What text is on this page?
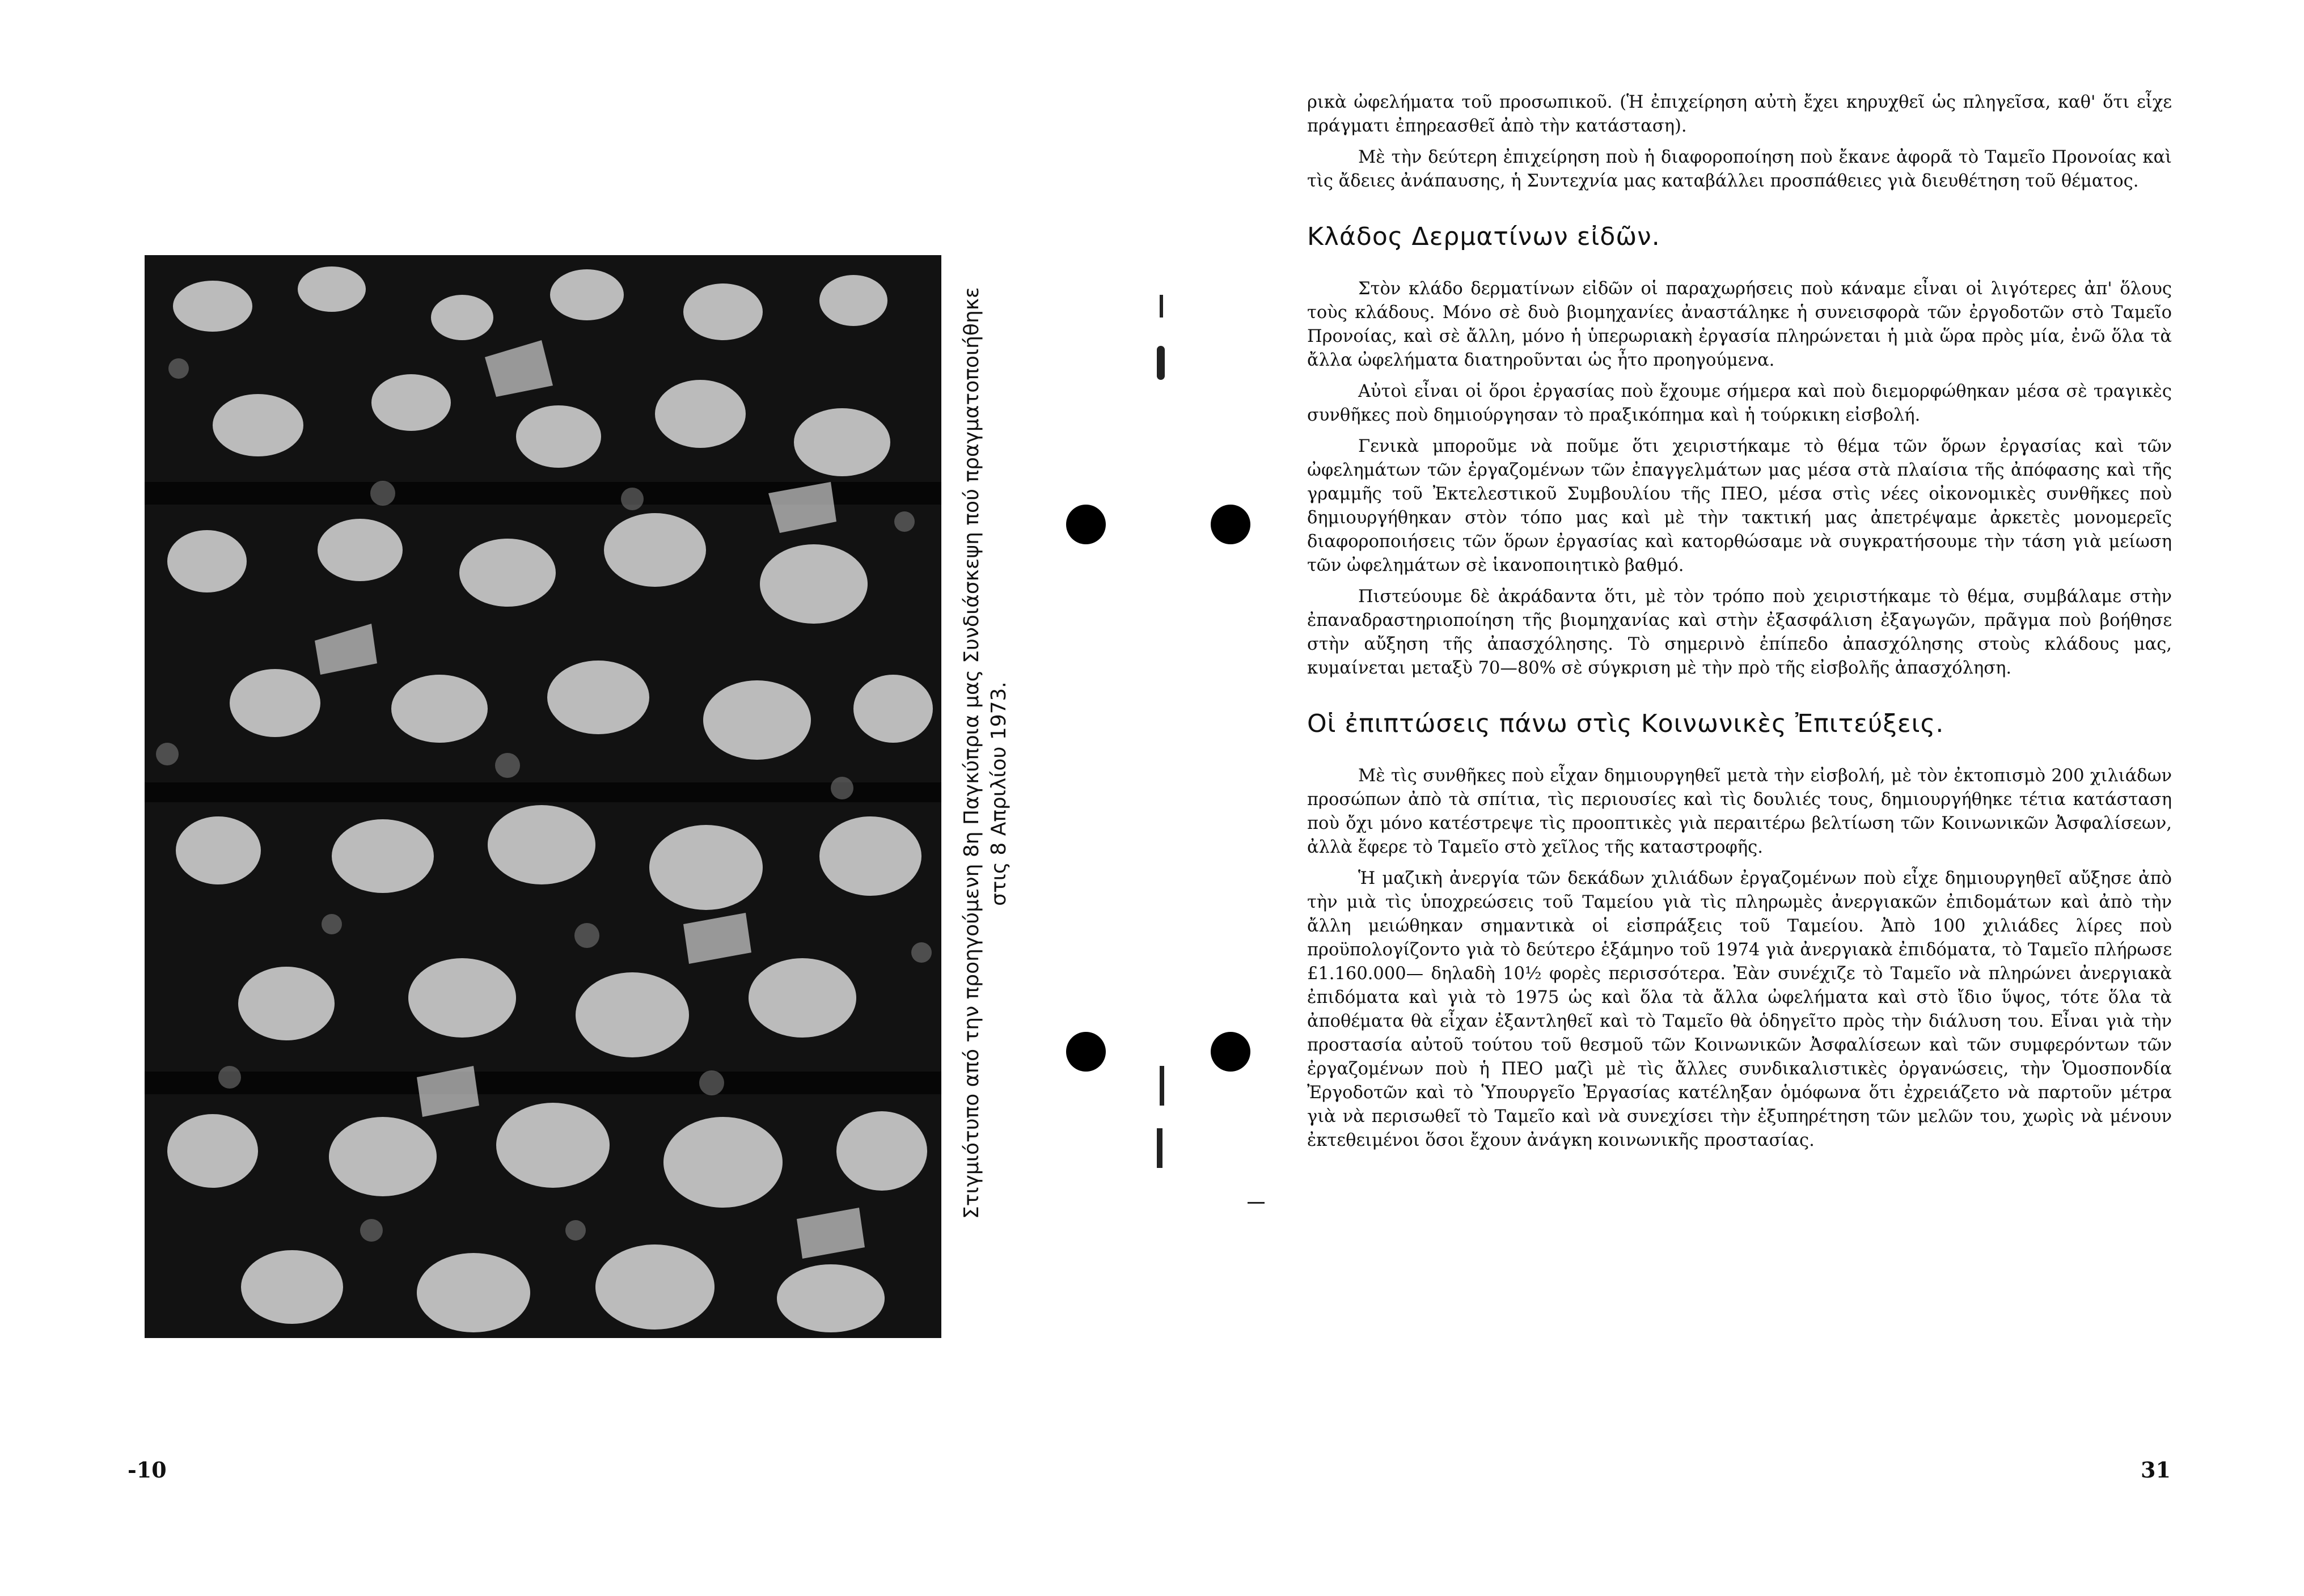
Στιγμιότυπο από την προηγούμενη 8η Παγκύπρια μας Συνδιάσκεψη πού πραγματοποιήθηκε στις 8 Απριλίου 1973.
‑10

ρικὰ ὠφελήματα τοῦ προσωπικοῦ. (Ἡ ἐπιχείρηση αὐτὴ ἔχει κηρυχθεῖ ὡς πληγεῖσα, καθ' ὅτι εἶχε πράγματι ἐπηρεασθεῖ ἀπὸ τὴν κατάσταση).

Μὲ τὴν δεύτερη ἐπιχείρηση ποὺ ἡ διαφοροποίηση ποὺ ἔκανε ἀφορᾶ τὸ Ταμεῖο Προνοίας καὶ τὶς ἄδειες ἀνάπαυσης, ἡ Συντεχνία μας καταβάλλει προσπάθειες γιὰ διευθέτηση τοῦ θέματος.

Κλάδος Δερματίνων εἰδῶν.

Στὸν κλάδο δερματίνων εἰδῶν οἱ παραχωρήσεις ποὺ κάναμε εἶναι οἱ λιγότερες ἀπ' ὅλους τοὺς κλάδους. Μόνο σὲ δυὸ βιομηχανίες ἀναστάληκε ἡ συνεισφορὰ τῶν ἐργοδοτῶν στὸ Ταμεῖο Προνοίας, καὶ σὲ ἄλλη, μόνο ἡ ὑπερωριακὴ ἐργασία πληρώνεται ἡ μιὰ ὥρα πρὸς μία, ἐνῶ ὅλα τὰ ἄλλα ὠφελήματα διατηροῦνται ὡς ἦτο προηγούμενα.

Αὐτοὶ εἶναι οἱ ὅροι ἐργασίας ποὺ ἔχουμε σήμερα καὶ ποὺ διεμορφώθηκαν μέσα σὲ τραγικὲς συνθῆκες ποὺ δημιούργησαν τὸ πραξικόπημα καὶ ἡ τούρκικη εἰσβολή.

Γενικὰ μποροῦμε νὰ ποῦμε ὅτι χειριστήκαμε τὸ θέμα τῶν ὅρων ἐργασίας καὶ τῶν ὠφελημάτων τῶν ἐργαζομένων τῶν ἐπαγγελμάτων μας μέσα στὰ πλαίσια τῆς ἀπόφασης καὶ τῆς γραμμῆς τοῦ Ἐκτελεστικοῦ Συμβουλίου τῆς ΠΕΟ, μέσα στὶς νέες οἰκονομικὲς συνθῆκες ποὺ δημιουργήθηκαν στὸν τόπο μας καὶ μὲ τὴν τακτική μας ἀπετρέψαμε ἀρκετὲς μονομερεῖς διαφοροποιήσεις τῶν ὅρων ἐργασίας καὶ κατορθώσαμε νὰ συγκρατήσουμε τὴν τάση γιὰ μείωση τῶν ὠφελημάτων σὲ ἱκανοποιητικὸ βαθμό.

Πιστεύουμε δὲ ἀκράδαντα ὅτι, μὲ τὸν τρόπο ποὺ χειριστήκαμε τὸ θέμα, συμβάλαμε στὴν ἐπαναδραστηριοποίηση τῆς βιομηχανίας καὶ στὴν ἐξασφάλιση ἐξαγωγῶν, πρᾶγμα ποὺ βοήθησε στὴν αὔξηση τῆς ἀπασχόλησης. Τὸ σημερινὸ ἐπίπεδο ἀπασχόλησης στοὺς κλάδους μας, κυμαίνεται μεταξὺ 70—80% σὲ σύγκριση μὲ τὴν πρὸ τῆς εἰσβολῆς ἀπασχόληση.

Οἱ ἐπιπτώσεις πάνω στὶς Κοινωνικὲς Ἐπιτεύξεις.

Μὲ τὶς συνθῆκες ποὺ εἶχαν δημιουργηθεῖ μετὰ τὴν εἰσβολή, μὲ τὸν ἐκτοπισμὸ 200 χιλιάδων προσώπων ἀπὸ τὰ σπίτια, τὶς περιουσίες καὶ τὶς δουλιές τους, δημιουργήθηκε τέτια κατάσταση ποὺ ὄχι μόνο κατέστρεψε τὶς προοπτικὲς γιὰ περαιτέρω βελτίωση τῶν Κοινωνικῶν Ἀσφαλίσεων, ἀλλὰ ἔφερε τὸ Ταμεῖο στὸ χεῖλος τῆς καταστροφῆς.

Ἡ μαζικὴ ἀνεργία τῶν δεκάδων χιλιάδων ἐργαζομένων ποὺ εἶχε δημιουργηθεῖ αὔξησε ἀπὸ τὴν μιὰ τὶς ὑποχρεώσεις τοῦ Ταμείου γιὰ τὶς πληρωμὲς ἀνεργιακῶν ἐπιδομάτων καὶ ἀπὸ τὴν ἄλλη μειώθηκαν σημαντικὰ οἱ εἰσπράξεις τοῦ Ταμείου. Ἀπὸ 100 χιλιάδες λίρες ποὺ προϋπολογίζοντο γιὰ τὸ δεύτερο ἑξάμηνο τοῦ 1974 γιὰ ἀνεργιακὰ ἐπιδόματα, τὸ Ταμεῖο πλήρωσε £1.160.000— δηλαδὴ 10½ φορὲς περισσότερα. Ἐὰν συνέχιζε τὸ Ταμεῖο νὰ πληρώνει ἀνεργιακὰ ἐπιδόματα καὶ γιὰ τὸ 1975 ὡς καὶ ὅλα τὰ ἄλλα ὠφελήματα καὶ στὸ ἴδιο ὕψος, τότε ὅλα τὰ ἀποθέματα θὰ εἶχαν ἐξαντληθεῖ καὶ τὸ Ταμεῖο θὰ ὁδηγεῖτο πρὸς τὴν διάλυση του. Εἶναι γιὰ τὴν προστασία αὐτοῦ τούτου τοῦ θεσμοῦ τῶν Κοινωνικῶν Ἀσφαλίσεων καὶ τῶν συμφερόντων τῶν ἐργαζομένων ποὺ ἡ ΠΕΟ μαζὶ μὲ τὶς ἄλλες συνδικαλιστικὲς ὀργανώσεις, τὴν Ὁμοσπονδία Ἐργοδοτῶν καὶ τὸ Ὑπουργεῖο Ἐργασίας κατέληξαν ὁμόφωνα ὅτι ἐχρειάζετο νὰ παρτοῦν μέτρα γιὰ νὰ περισωθεῖ τὸ Ταμεῖο καὶ νὰ συνεχίσει τὴν ἐξυπηρέτηση τῶν μελῶν του, χωρὶς νὰ μένουν ἐκτεθειμένοι ὅσοι ἔχουν ἀνάγκη κοινωνικῆς προστασίας.

31
